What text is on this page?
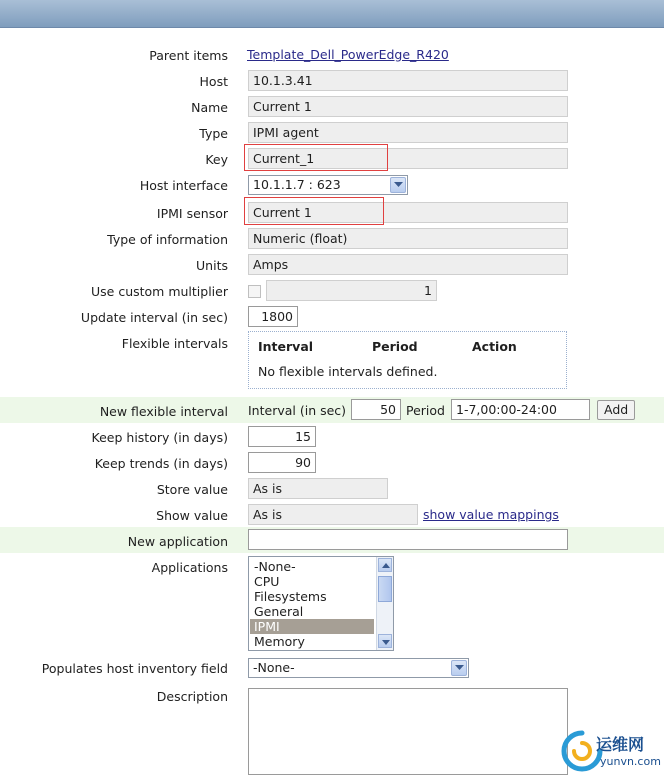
Parent items Template_Dell_PowerEdge_R420
Host	10.1.3.41
Name	Current 1
Type	IPMI agent
Key	Current_1
Host interface	10.1.1.7 : 623
IPMI sensor	Current 1
Type of information	Numeric (float)
Units	Amps
Use custom multiplier	1
Update interval (in sec)	1800
Flexible intervals Interval	Period	Action
No flexible intervals defined.
New flexible interval Interval (in sec)	50 Period 1-7,00:00-24:00	Add
Keep history (in days)	15
Keep trends (in days)	90
Store value	As is
Show value	As is	show value mappings
New application
Applications	-None-
CPU
Filesystems
General
IPMI
Memory
Populates host inventory field	-None-
Description
运维网
yunvn.com
